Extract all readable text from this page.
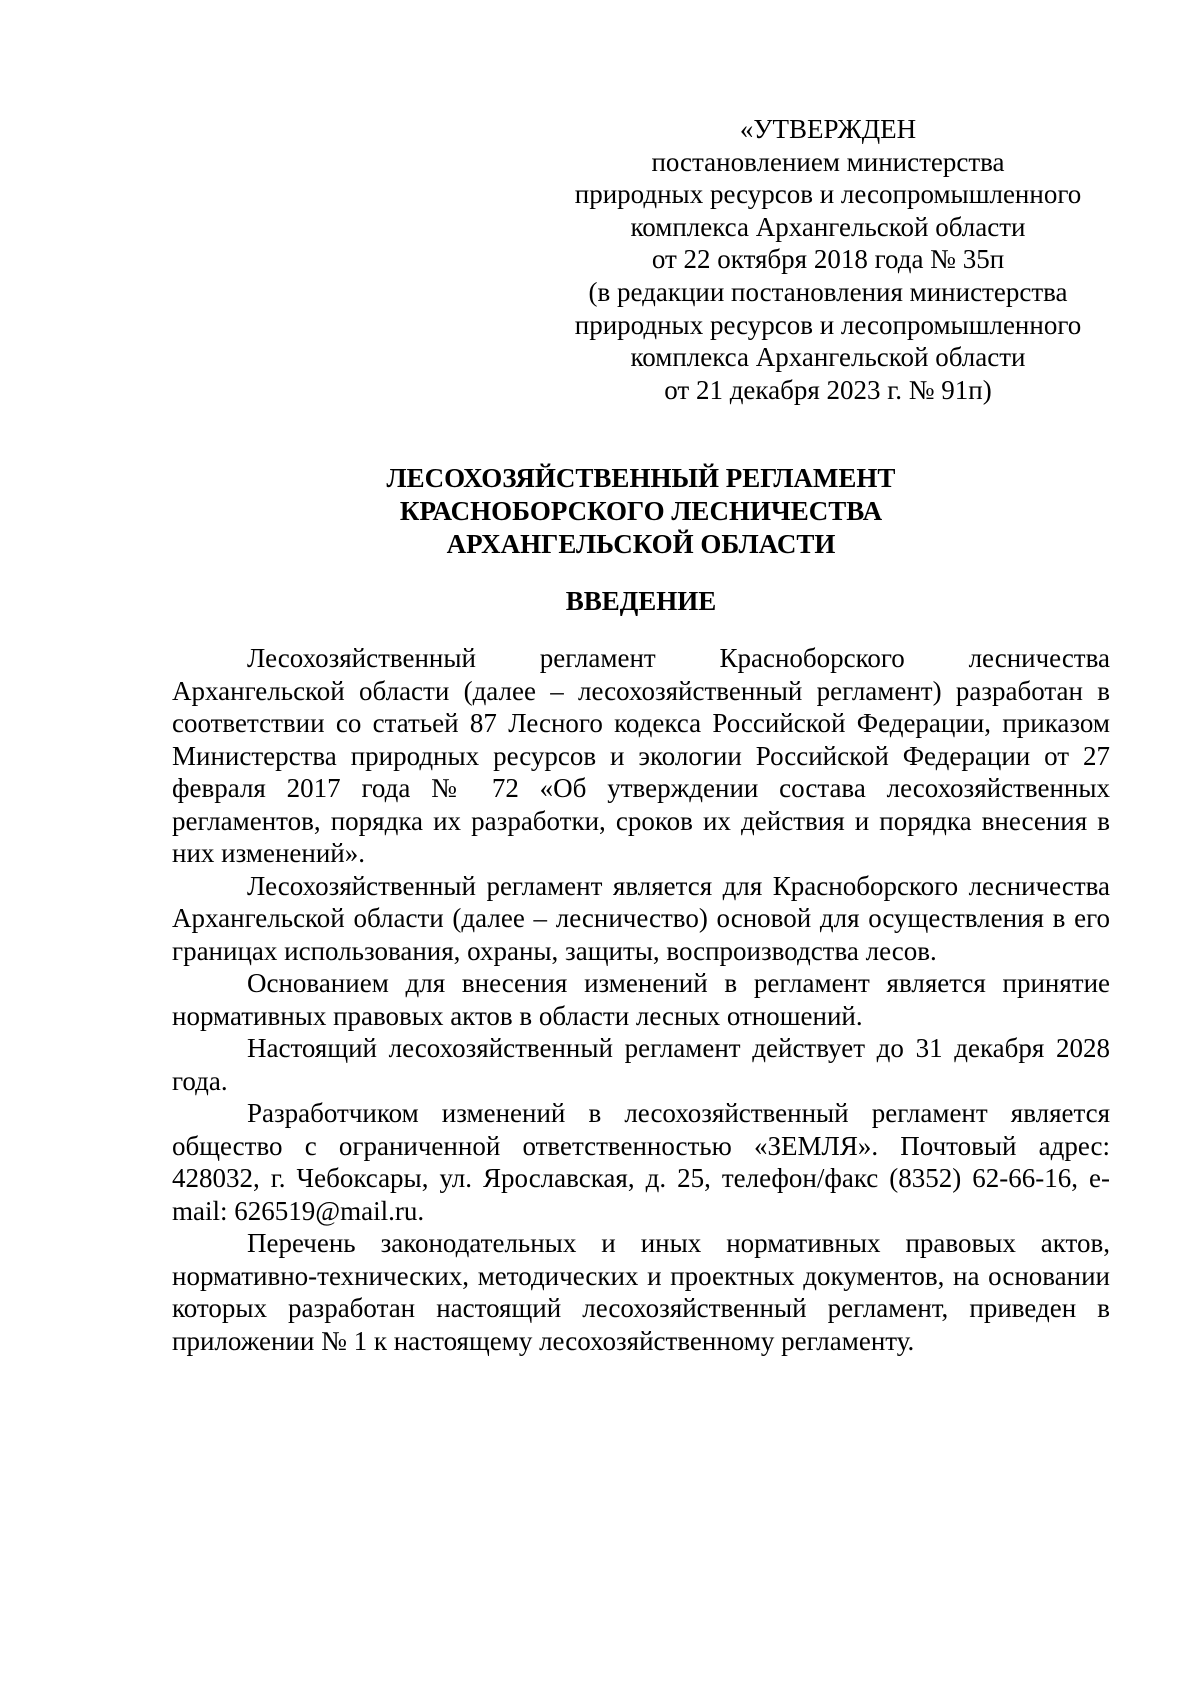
«УТВЕРЖДЕН
постановлением министерства
природных ресурсов и лесопромышленного
комплекса Архангельской области
от 22 октября 2018 года № 35п
(в редакции постановления министерства
природных ресурсов и лесопромышленного
комплекса Архангельской области
от 21 декабря 2023 г. № 91п)
ЛЕСОХОЗЯЙСТВЕННЫЙ РЕГЛАМЕНТ
КРАСНОБОРСКОГО ЛЕСНИЧЕСТВА
АРХАНГЕЛЬСКОЙ ОБЛАСТИ
ВВЕДЕНИЕ

Лесохозяйственный регламент Красноборского лесничества Архангельской области (далее – лесохозяйственный регламент) разработан в соответствии со статьей 87 Лесного кодекса Российской Федерации, приказом Министерства природных ресурсов и экологии Российской Федерации от 27 февраля 2017 года № 72 «Об утверждении состава лесохозяйственных регламентов, порядка их разработки, сроков их действия и порядка внесения в них изменений».

Лесохозяйственный регламент является для Красноборского лесничества Архангельской области (далее – лесничество) основой для осуществления в его границах использования, охраны, защиты, воспроизводства лесов.

Основанием для внесения изменений в регламент является принятие нормативных правовых актов в области лесных отношений.

Настоящий лесохозяйственный регламент действует до 31 декабря 2028 года.

Разработчиком изменений в лесохозяйственный регламент является общество с ограниченной ответственностью «ЗЕМЛЯ». Почтовый адрес: 428032, г. Чебоксары, ул. Ярославская, д. 25, телефон/факс (8352) 62-66-16, e-mail: 626519@mail.ru.

Перечень законодательных и иных нормативных правовых актов, нормативно-технических, методических и проектных документов, на основании которых разработан настоящий лесохозяйственный регламент, приведен в приложении № 1 к настоящему лесохозяйственному регламенту.
